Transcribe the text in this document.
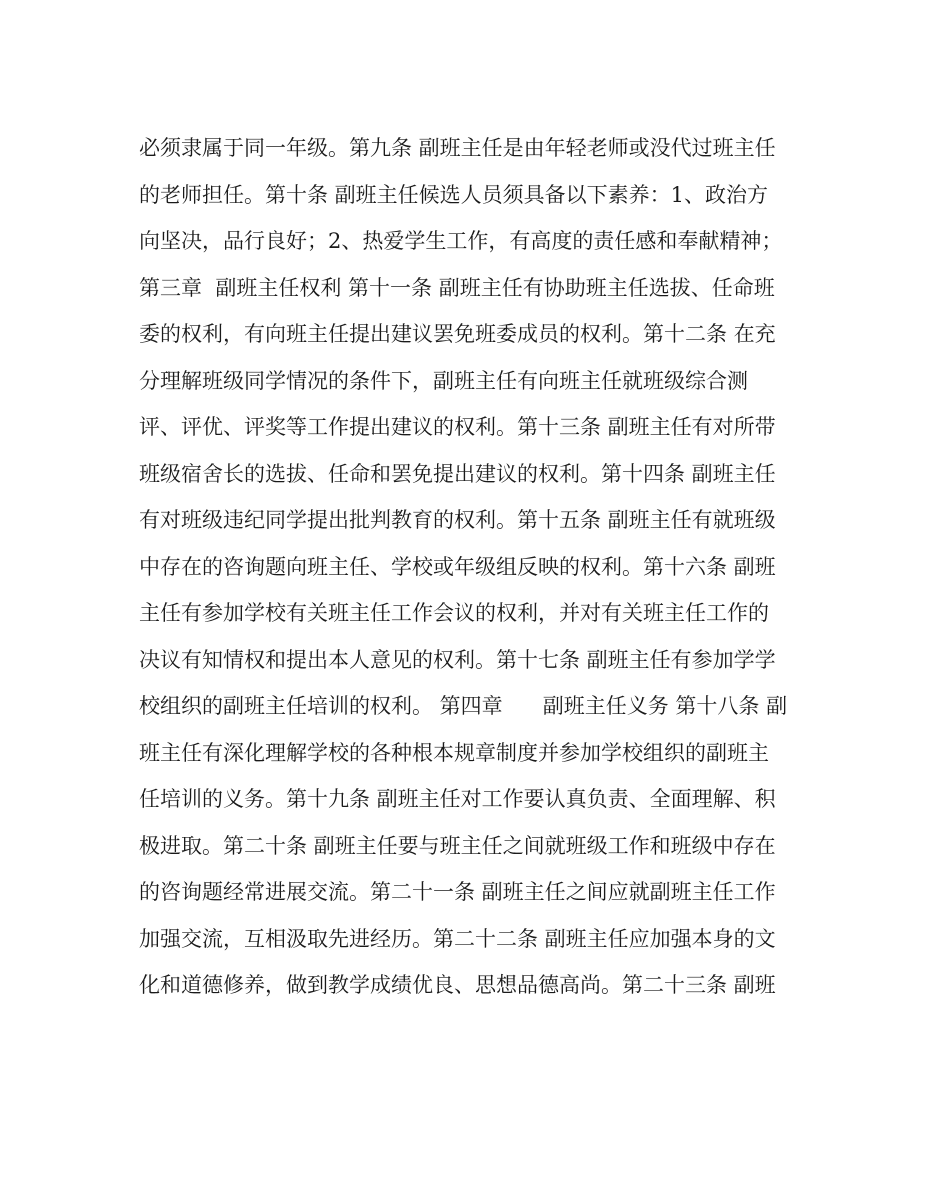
必须隶属于同一年级。第九条 副班主任是由年轻老师或没代过班主任
的老师担任。第十条 副班主任候选人员须具备以下素养：1、政治方
向坚决，品行良好；2、热爱学生工作，有高度的责任感和奉献精神；
第三章  副班主任权利 第十一条 副班主任有协助班主任选拔、任命班
委的权利，有向班主任提出建议罢免班委成员的权利。第十二条 在充
分理解班级同学情况的条件下，副班主任有向班主任就班级综合测
评、评优、评奖等工作提出建议的权利。第十三条 副班主任有对所带
班级宿舍长的选拔、任命和罢免提出建议的权利。第十四条 副班主任
有对班级违纪同学提出批判教育的权利。第十五条 副班主任有就班级
中存在的咨询题向班主任、学校或年级组反映的权利。第十六条 副班
主任有参加学校有关班主任工作会议的权利，并对有关班主任工作的
决议有知情权和提出本人意见的权利。第十七条 副班主任有参加学学
校组织的副班主任培训的权利。 第四章      副班主任义务 第十八条 副
班主任有深化理解学校的各种根本规章制度并参加学校组织的副班主
任培训的义务。第十九条 副班主任对工作要认真负责、全面理解、积
极进取。第二十条 副班主任要与班主任之间就班级工作和班级中存在
的咨询题经常进展交流。第二十一条 副班主任之间应就副班主任工作
加强交流，互相汲取先进经历。第二十二条 副班主任应加强本身的文
化和道德修养，做到教学成绩优良、思想品德高尚。第二十三条 副班
